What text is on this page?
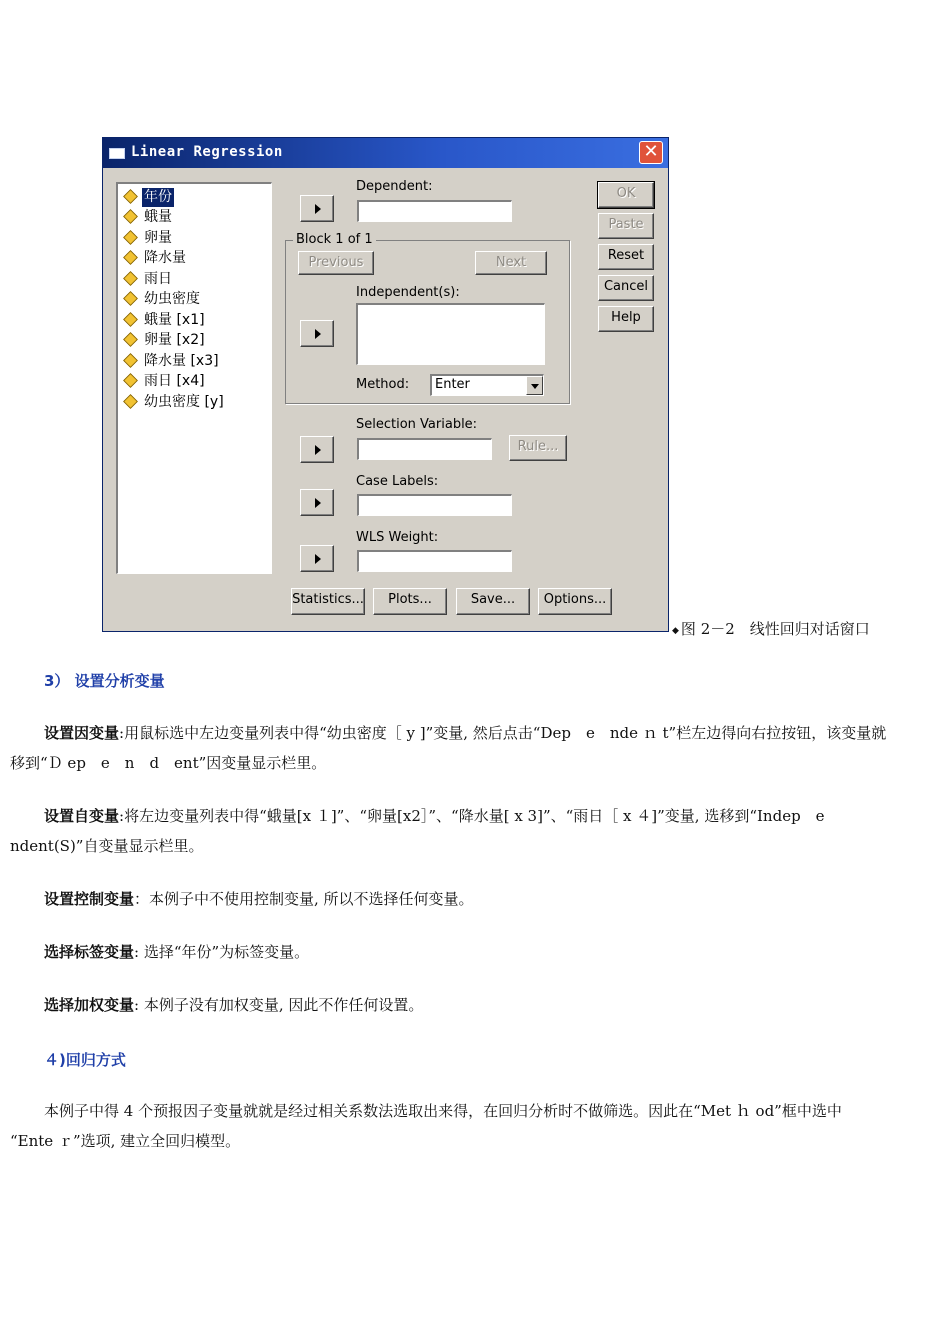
Linear Regression	✕
年份
蛾量
卵量
降水量
雨日
幼虫密度
蛾量 [x1]
卵量 [x2]
降水量 [x3]
雨日 [x4]
幼虫密度 [y]
Dependent:
Block 1 of 1
Previous	Next
Independent(s):
Method: Enter
Selection Variable:
Rule...
Case Labels:
WLS Weight:
OK
Paste
Reset
Cancel
Help
Statistics...	Plots...	Save...	Options...
◆ 图 2－2　线性回归对话窗口
3） 设置分析变量
设置因变量:用鼠标选中左边变量列表中得“幼虫密度［ y ]”变量, 然后点击“Dep　e　nde ｎ t”栏左边得向右拉按钮，该变量就
移到“Ｄ ep　e　n　d　ent”因变量显示栏里。
设置自变量:将左边变量列表中得“蛾量[x １]”、“卵量[x2］”、“降水量[ x 3]”、“雨日［ x ４]”变量, 选移到“Indep　e
ndent(S)”自变量显示栏里。
设置控制变量：本例子中不使用控制变量, 所以不选择任何变量。
选择标签变量: 选择“年份”为标签变量。
选择加权变量: 本例子没有加权变量, 因此不作任何设置。
４)回归方式
本例子中得 4 个预报因子变量就就是经过相关系数法选取出来得，在回归分析时不做筛选。因此在“Met ｈ od”框中选中
“Ente ｒ”选项, 建立全回归模型。
